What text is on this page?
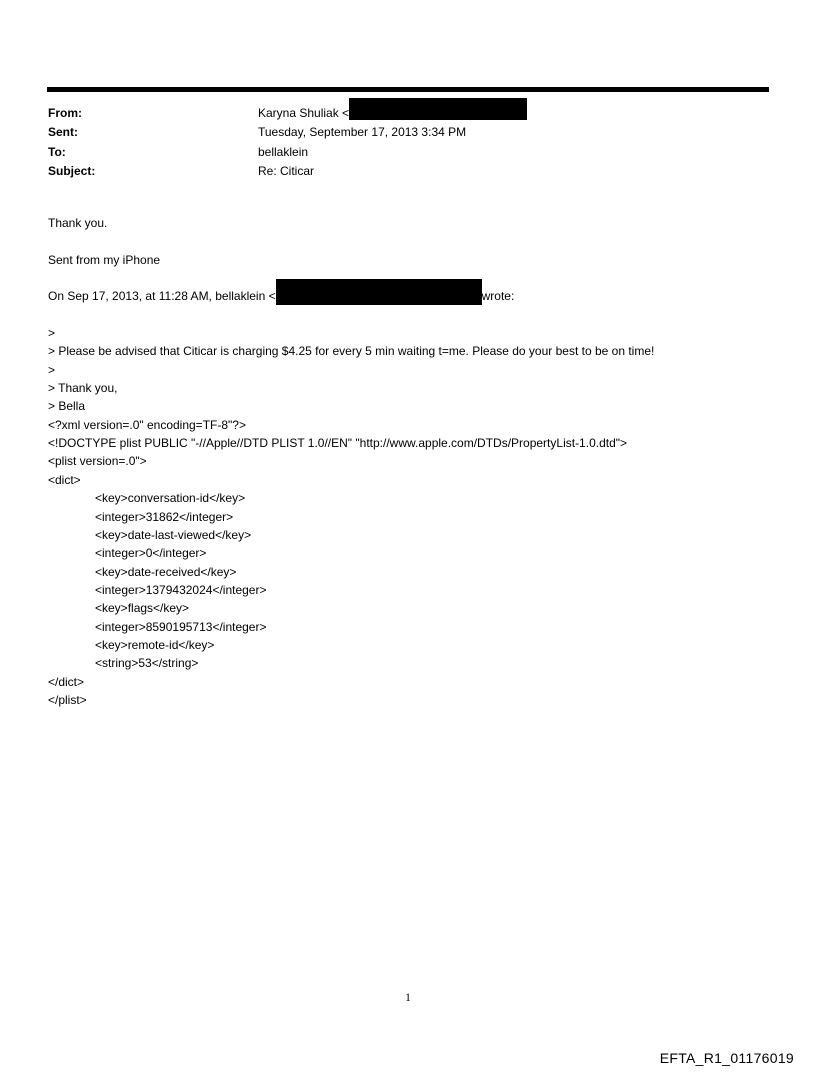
From:	Karyna Shuliak <
Sent:	Tuesday, September 17, 2013 3:34 PM
To:	bellaklein
Subject:	Re: Citicar
Thank you.
Sent from my iPhone
On Sep 17, 2013, at 11:28 AM, bellaklein <	wrote:
>
> Please be advised that Citicar is charging $4.25 for every 5 min waiting t=me. Please do your best to be on time!
>
> Thank you,
> Bella
<?xml version=.0" encoding=TF-8"?>
<!DOCTYPE plist PUBLIC "-//Apple//DTD PLIST 1.0//EN" "http://www.apple.com/DTDs/PropertyList-1.0.dtd">
<plist version=.0">
<dict>
<key>conversation-id</key>
<integer>31862</integer>
<key>date-last-viewed</key>
<integer>0</integer>
<key>date-received</key>
<integer>1379432024</integer>
<key>flags</key>
<integer>8590195713</integer>
<key>remote-id</key>
<string>53</string>
</dict>
</plist>
1
EFTA_R1_01176019
